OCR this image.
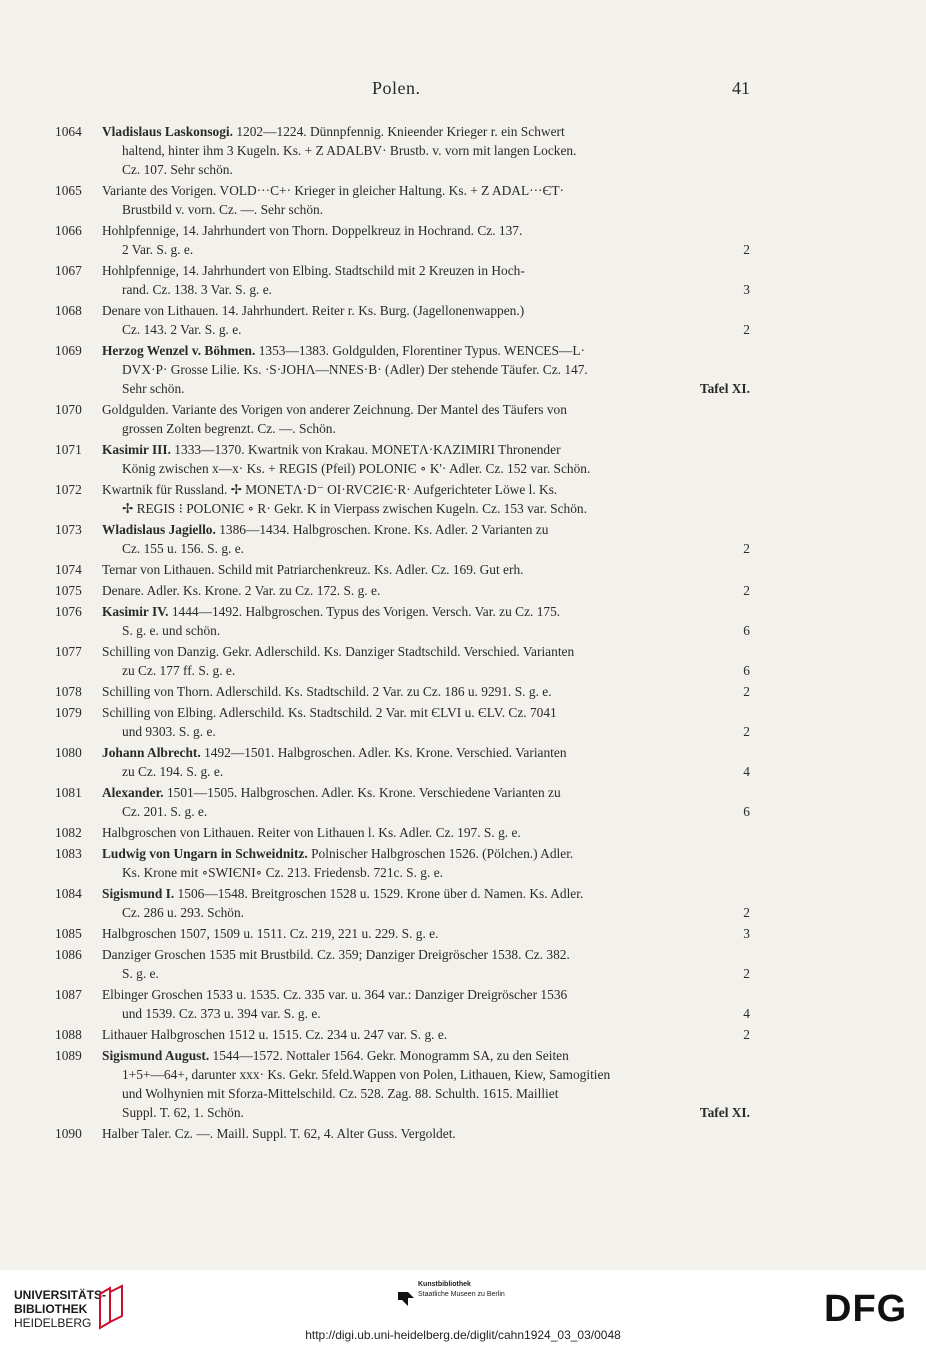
Polen.	41
1064	Vladislaus Laskonsogi. 1202—1224. Dünnpfennig. Knieender Krieger r. ein Schwert
haltend, hinter ihm 3 Kugeln. Ks. + Z ADALBV· Brustb. v. vorn mit langen Locken.
Cz. 107. Sehr schön.
1065	Variante des Vorigen. VOLD···C+· Krieger in gleicher Haltung. Ks. + Z ADAL···ЄT·
Brustbild v. vorn. Cz. —. Sehr schön.
1066	Hohlpfennige, 14. Jahrhundert von Thorn. Doppelkreuz in Hochrand. Cz. 137.
2 Var. S. g. e.	2
1067	Hohlpfennige, 14. Jahrhundert von Elbing. Stadtschild mit 2 Kreuzen in Hoch-
rand. Cz. 138. 3 Var. S. g. e.	3
1068	Denare von Lithauen. 14. Jahrhundert. Reiter r. Ks. Burg. (Jagellonenwappen.)
Cz. 143. 2 Var. S. g. e.	2
1069	Herzog Wenzel v. Böhmen. 1353—1383. Goldgulden, Florentiner Typus. WENCES—L·
DVX·P· Grosse Lilie. Ks. ·S·JOHΛ—NNES·B· (Adler) Der stehende Täufer. Cz. 147.
Sehr schön.	Tafel XI.
1070	Goldgulden. Variante des Vorigen von anderer Zeichnung. Der Mantel des Täufers von
grossen Zolten begrenzt. Cz. —. Schön.
1071	Kasimir III. 1333—1370. Kwartnik von Krakau. MONETΛ·KΛZIMIRI Thronender
König zwischen x—x· Ks. + REGIS (Pfeil) POLONIЄ ∘ K'· Adler. Cz. 152 var. Schön.
1072	Kwartnik für Russland. ✢ MONETΛ·D⁻ OI·RVCƧIЄ·R· Aufgerichteter Löwe l. Ks.
✢ REGIS ⁝ POLONIЄ ∘ R· Gekr. K in Vierpass zwischen Kugeln. Cz. 153 var. Schön.
1073	Wladislaus Jagiello. 1386—1434. Halbgroschen. Krone. Ks. Adler. 2 Varianten zu
Cz. 155 u. 156. S. g. e.	2
1074	Ternar von Lithauen. Schild mit Patriarchenkreuz. Ks. Adler. Cz. 169. Gut erh.
1075	Denare. Adler. Ks. Krone. 2 Var. zu Cz. 172. S. g. e.	2
1076	Kasimir IV. 1444—1492. Halbgroschen. Typus des Vorigen. Versch. Var. zu Cz. 175.
S. g. e. und schön.	6
1077	Schilling von Danzig. Gekr. Adlerschild. Ks. Danziger Stadtschild. Verschied. Varianten
zu Cz. 177 ff. S. g. e.	6
1078	Schilling von Thorn. Adlerschild. Ks. Stadtschild. 2 Var. zu Cz. 186 u. 9291. S. g. e.	2
1079	Schilling von Elbing. Adlerschild. Ks. Stadtschild. 2 Var. mit ЄLVI u. ЄLV. Cz. 7041
und 9303. S. g. e.	2
1080	Johann Albrecht. 1492—1501. Halbgroschen. Adler. Ks. Krone. Verschied. Varianten
zu Cz. 194. S. g. e.	4
1081	Alexander. 1501—1505. Halbgroschen. Adler. Ks. Krone. Verschiedene Varianten zu
Cz. 201. S. g. e.	6
1082	Halbgroschen von Lithauen. Reiter von Lithauen l. Ks. Adler. Cz. 197. S. g. e.
1083	Ludwig von Ungarn in Schweidnitz. Polnischer Halbgroschen 1526. (Pölchen.) Adler.
Ks. Krone mit ∘SWIЄNI∘ Cz. 213. Friedensb. 721c. S. g. e.
1084	Sigismund I. 1506—1548. Breitgroschen 1528 u. 1529. Krone über d. Namen. Ks. Adler.
Cz. 286 u. 293. Schön.	2
1085	Halbgroschen 1507, 1509 u. 1511. Cz. 219, 221 u. 229. S. g. e.	3
1086	Danziger Groschen 1535 mit Brustbild. Cz. 359; Danziger Dreigröscher 1538. Cz. 382.
S. g. e.	2
1087	Elbinger Groschen 1533 u. 1535. Cz. 335 var. u. 364 var.: Danziger Dreigröscher 1536
und 1539. Cz. 373 u. 394 var. S. g. e.	4
1088	Lithauer Halbgroschen 1512 u. 1515. Cz. 234 u. 247 var. S. g. e.	2
1089	Sigismund August. 1544—1572. Nottaler 1564. Gekr. Monogramm SA, zu den Seiten
1+5+—64+, darunter xxx· Ks. Gekr. 5feld.Wappen von Polen, Lithauen, Kiew, Samogitien
und Wolhynien mit Sforza-Mittelschild. Cz. 528. Zag. 88. Schulth. 1615. Mailliet
Suppl. T. 62, 1. Schön.	Tafel XI.
1090	Halber Taler. Cz. —. Maill. Suppl. T. 62, 4. Alter Guss. Vergoldet.
UNIVERSITÄTS-
BIBLIOTHEK
HEIDELBERG
Kunstbibliothek
Staatliche Museen zu Berlin	DFG
http://digi.ub.uni-heidelberg.de/diglit/cahn1924_03_03/0048
